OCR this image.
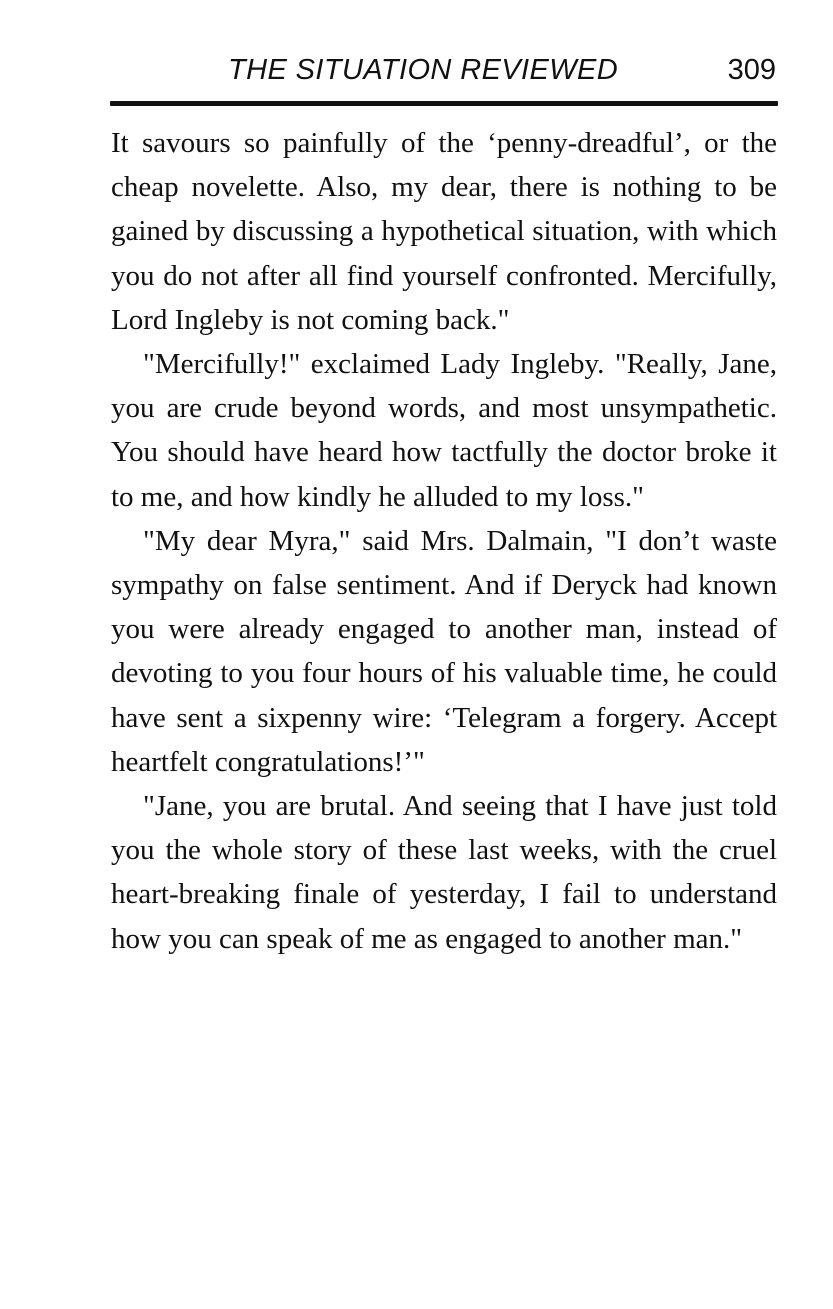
THE SITUATION REVIEWED	309

It savours so painfully of the ‘penny-dreadful’, or the cheap novelette. Also, my dear, there is nothing to be gained by discussing a hypothetical situation, with which you do not after all find yourself confronted. Mercifully, Lord Ingleby is not coming back."

"Mercifully!" exclaimed Lady Ingleby. "Really, Jane, you are crude beyond words, and most unsympathetic. You should have heard how tactfully the doctor broke it to me, and how kindly he alluded to my loss."

"My dear Myra," said Mrs. Dalmain, "I don’t waste sympathy on false sentiment. And if Deryck had known you were already engaged to another man, instead of devoting to you four hours of his valuable time, he could have sent a sixpenny wire: ‘Telegram a forgery. Accept heartfelt congratulations!’"

"Jane, you are brutal. And seeing that I have just told you the whole story of these last weeks, with the cruel heart-breaking finale of yesterday, I fail to understand how you can speak of me as engaged to another man."
